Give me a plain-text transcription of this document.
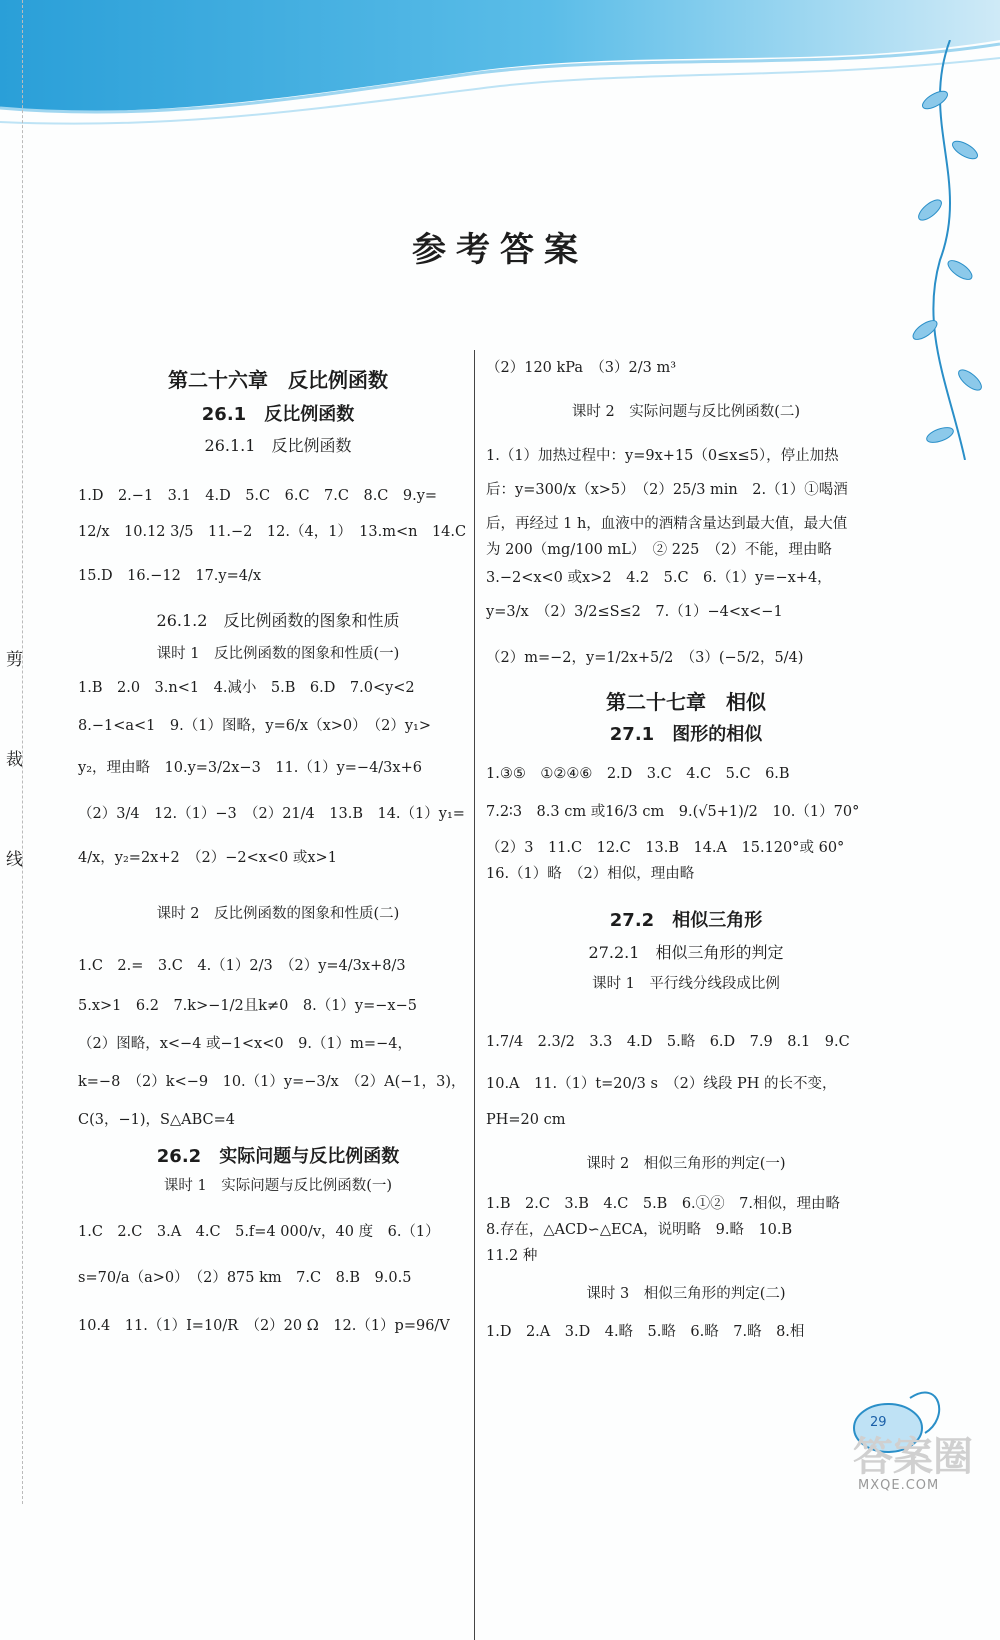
剪
裁
线
参考答案
第二十六章　反比例函数
26.1　反比例函数
26.1.1　反比例函数
1.D　2.−1　3.1　4.D　5.C　6.C　7.C　8.C　9.y=
12/x　10.12 3/5　11.−2　12.（4，1）　13.m<n　14.C
15.D　16.−12　17.y=4/x
26.1.2　反比例函数的图象和性质
课时 1　反比例函数的图象和性质(一)
1.B　2.0　3.n<1　4.减小　5.B　6.D　7.0<y<2
8.−1<a<1　9.（1）图略，y=6/x（x>0）　（2）y₁>
y₂，理由略　10.y=3/2x−3　11.（1）y=−4/3x+6
（2）3/4　12.（1）−3　（2）21/4　13.B　14.（1）y₁=
4/x，y₂=2x+2　（2）−2<x<0 或x>1
课时 2　反比例函数的图象和性质(二)
1.C　2.=　3.C　4.（1）2/3　（2）y=4/3x+8/3
5.x>1　6.2　7.k>−1/2且k≠0　8.（1）y=−x−5
（2）图略，x<−4 或−1<x<0　9.（1）m=−4，
k=−8　（2）k<−9　10.（1）y=−3/x　（2）A(−1，3)，
C(3，−1)，S△ABC=4
26.2　实际问题与反比例函数
课时 1　实际问题与反比例函数(一)
1.C　2.C　3.A　4.C　5.f=4 000/v，40 度　6.（1）
s=70/a（a>0）　（2）875 km　7.C　8.B　9.0.5
10.4　11.（1）I=10/R　（2）20 Ω　12.（1）p=96/V
（2）120 kPa　（3）2/3 m³
课时 2　实际问题与反比例函数(二)
1.（1）加热过程中：y=9x+15（0≤x≤5），停止加热
后：y=300/x（x>5）　（2）25/3 min　2.（1）①喝酒
后，再经过 1 h，血液中的酒精含量达到最大值，最大值
为 200（mg/100 mL）　② 225　（2）不能，理由略
3.−2<x<0 或x>2　4.2　5.C　6.（1）y=−x+4，
y=3/x　（2）3/2≤S≤2　7.（1）−4<x<−1
（2）m=−2，y=1/2x+5/2　（3）(−5/2，5/4)
第二十七章　相似
27.1　图形的相似
1.③⑤　①②④⑥　2.D　3.C　4.C　5.C　6.B
7.2∶3　8.3 cm 或16/3 cm　9.(√5+1)/2　10.（1）70°
（2）3　11.C　12.C　13.B　14.A　15.120°或 60°
16.（1）略　（2）相似，理由略
27.2　相似三角形
27.2.1　相似三角形的判定
课时 1　平行线分线段成比例
1.7/4　2.3/2　3.3　4.D　5.略　6.D　7.9　8.1　9.C
10.A　11.（1）t=20/3 s　（2）线段 PH 的长不变，
PH=20 cm
课时 2　相似三角形的判定(一)
1.B　2.C　3.B　4.C　5.B　6.①②　7.相似，理由略
8.存在，△ACD∽△ECA，说明略　9.略　10.B
11.2 种
课时 3　相似三角形的判定(二)
1.D　2.A　3.D　4.略　5.略　6.略　7.略　8.相
29
答案圈
MXQE.COM
